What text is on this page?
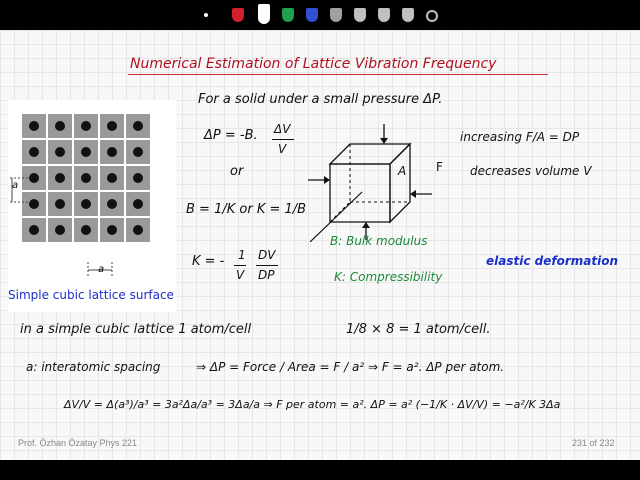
Numerical Estimation of Lattice Vibration Frequency
For a solid under a small pressure ΔP.
a
a
ΔP = -B. ΔV
V
or
B = 1/K or K = 1/B
K = - 1
V
DV
DP
A F
increasing F/A = DP
decreases volume V
B: Bulk modulus
K: Compressibility
elastic deformation
Simple cubic lattice surface
in a simple cubic lattice 1 atom/cell	1/8 × 8 = 1 atom/cell.
a: interatomic spacing	⇒ ΔP = Force / Area = F / a² ⇒ F = a². ΔP per atom.
ΔV/V = Δ(a³)/a³ = 3a²Δa/a³ = 3Δa/a ⇒ F per atom = a². ΔP = a² (−1/K · ΔV/V) = −a²/K 3Δa
Prof. Özhan Özatay Phys 221	231 of 232
